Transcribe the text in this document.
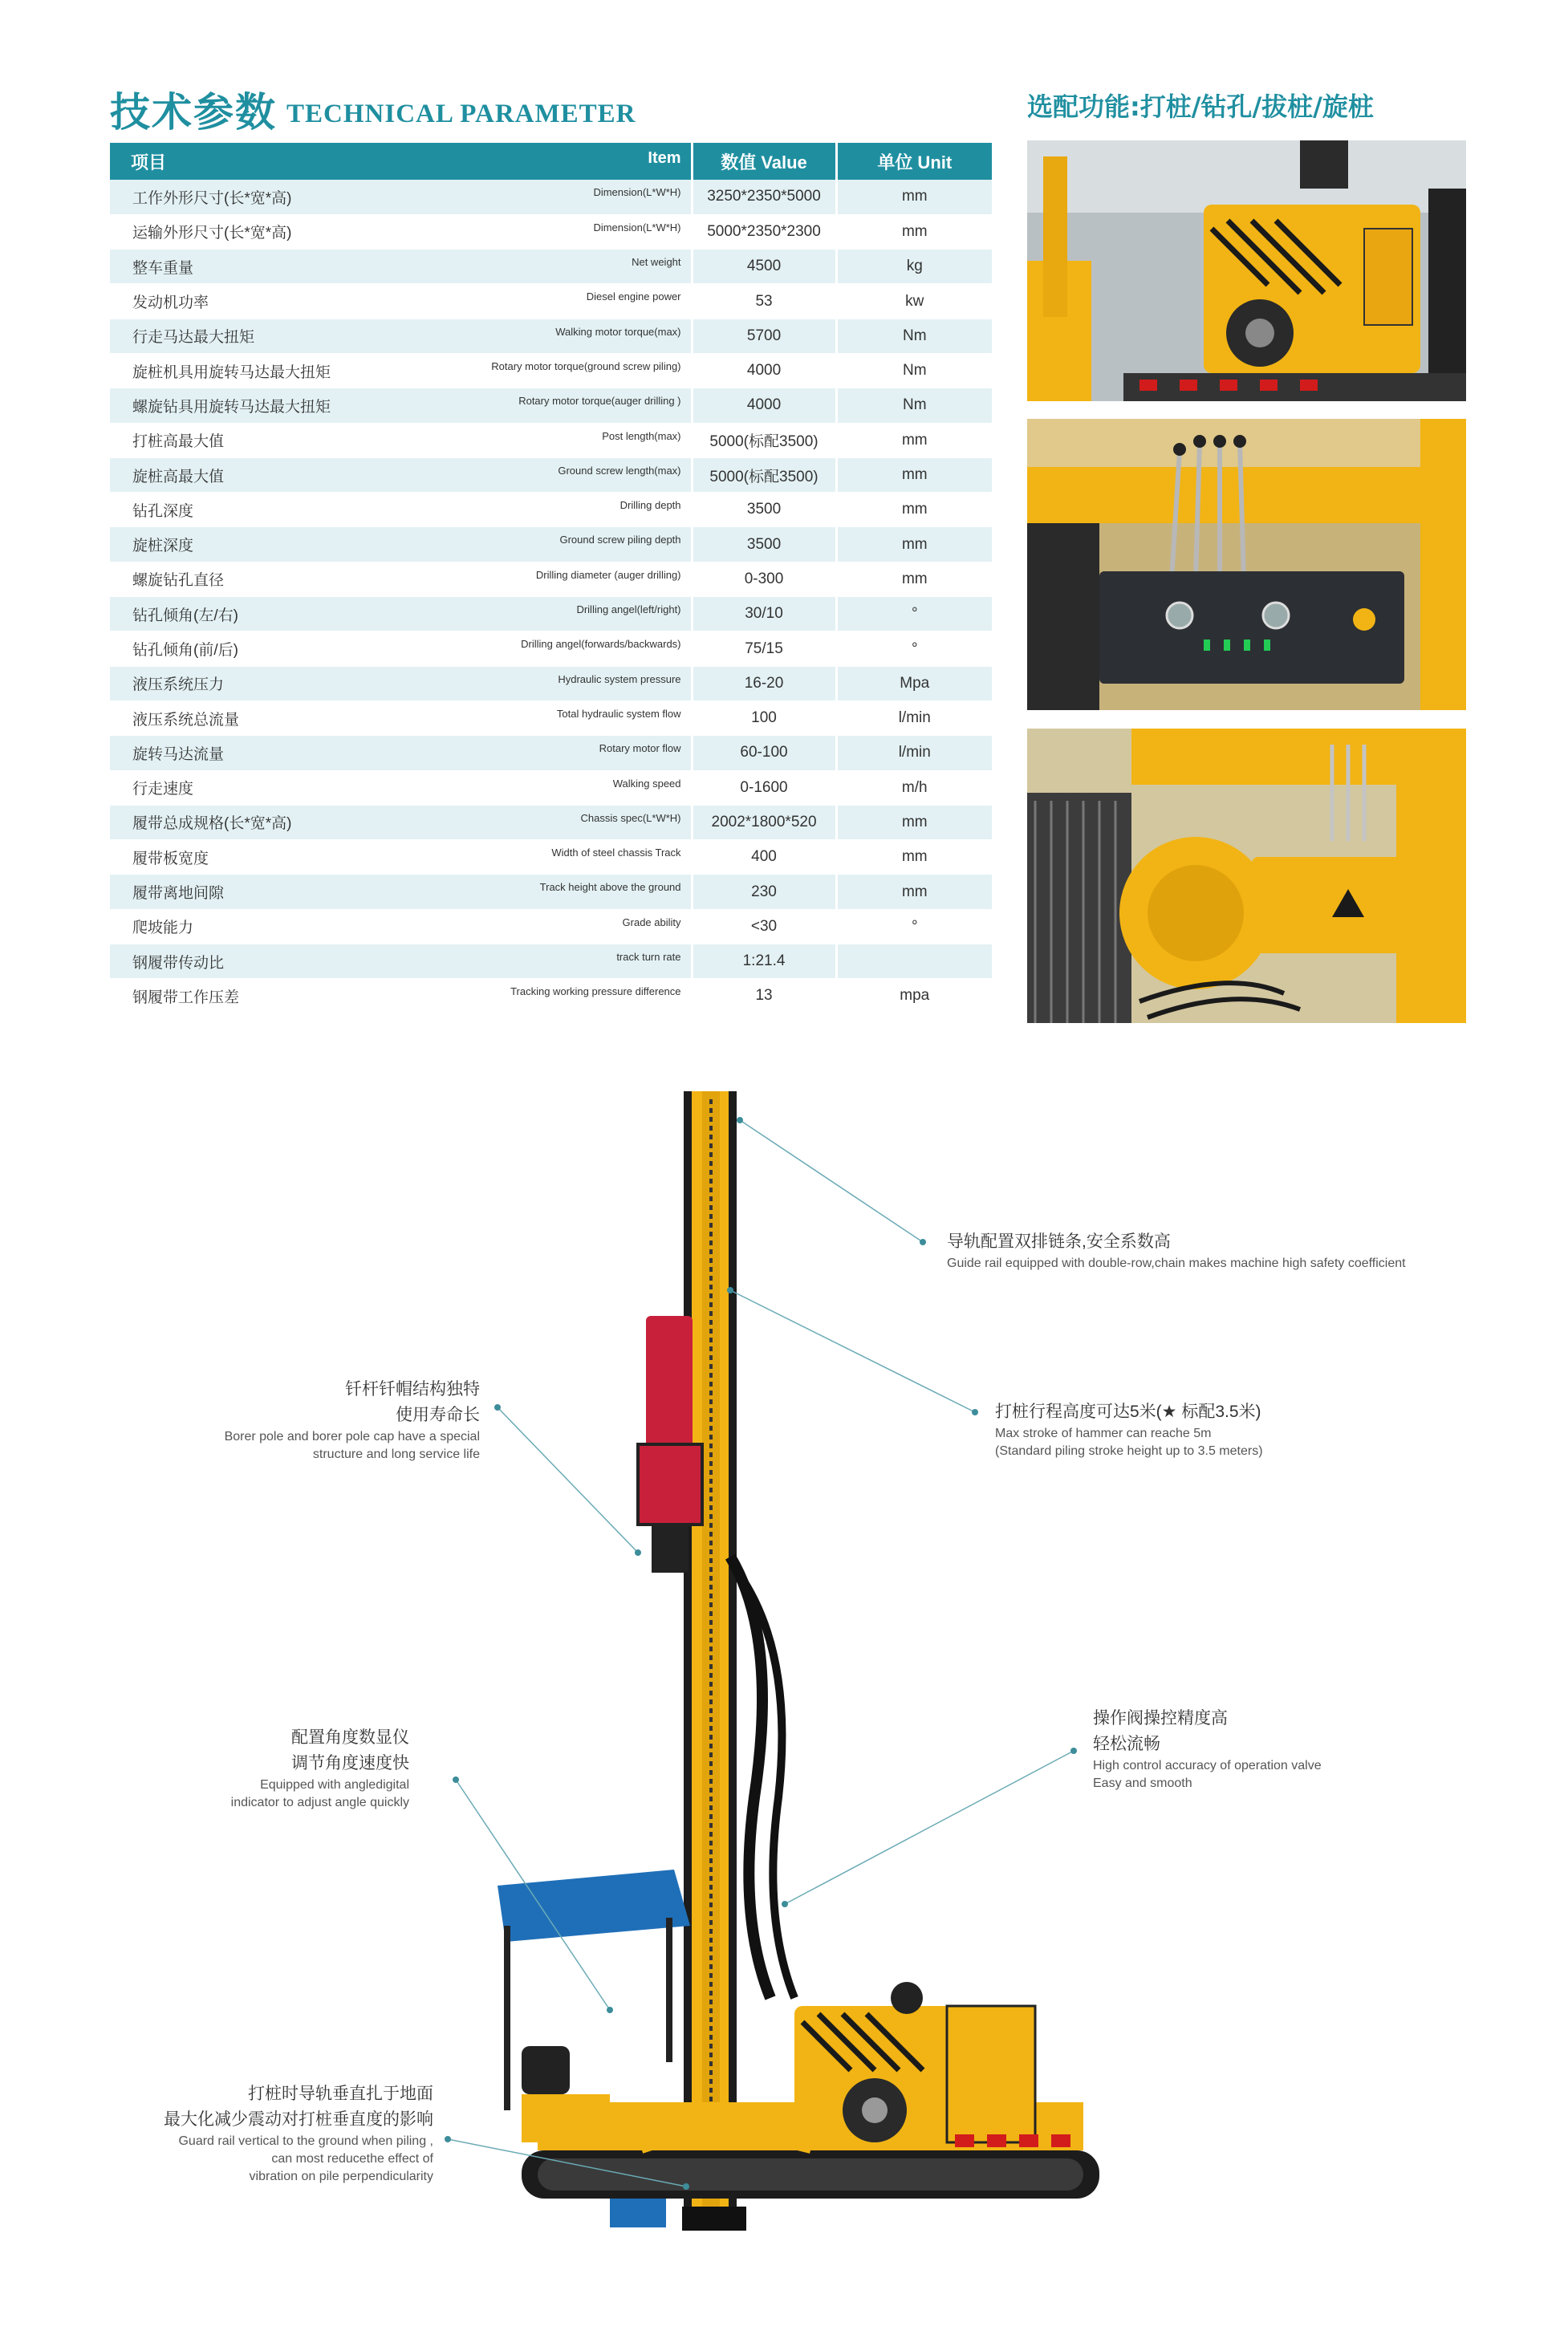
技术参数 TECHNICAL PARAMETER	选配功能:打桩/钻孔/拔桩/旋桩
项目 Item		数值 Value	单位 Unit
工作外形尺寸(长*宽*高)	Dimension(L*W*H)	3250*2350*5000	mm
运输外形尺寸(长*宽*高)	Dimension(L*W*H)	5000*2350*2300	mm
整车重量	Net weight	4500	kg
发动机功率	Diesel engine power	53	kw
行走马达最大扭矩	Walking motor torque(max)	5700	Nm
旋桩机具用旋转马达最大扭矩	Rotary motor torque(ground screw piling)	4000	Nm
螺旋钻具用旋转马达最大扭矩	Rotary motor torque(auger drilling )	4000	Nm
打桩高最大值	Post length(max)	5000(标配3500)	mm
旋桩高最大值	Ground screw length(max)	5000(标配3500)	mm
钻孔深度	Drilling depth	3500	mm
旋桩深度	Ground screw piling depth	3500	mm
螺旋钻孔直径	Drilling diameter (auger drilling)	0-300	mm
钻孔倾角(左/右)	Drilling angel(left/right)	30/10	°
钻孔倾角(前/后)	Drilling angel(forwards/backwards)	75/15	°
液压系统压力	Hydraulic system pressure	16-20	Mpa
液压系统总流量	Total hydraulic system flow	100	l/min
旋转马达流量	Rotary motor flow	60-100	l/min
行走速度	Walking speed	0-1600	m/h
履带总成规格(长*宽*高)	Chassis spec(L*W*H)	2002*1800*520	mm
履带板宽度	Width of steel chassis Track	400	mm
履带离地间隙	Track height above the ground	230	mm
爬坡能力	Grade ability	<30	°
钢履带传动比	track turn rate	1:21.4	
钢履带工作压差	Tracking working pressure difference	13	mpa
导轨配置双排链条,安全系数高
Guide rail equipped with double-row,chain makes machine high safety coefficient
钎杆钎帽结构独特
使用寿命长
Borer pole and borer pole cap have a special
structure and long service life
打桩行程高度可达5米(★ 标配3.5米)
Max stroke of hammer can reache 5m
(Standard piling stroke height up to 3.5 meters)
配置角度数显仪
调节角度速度快
Equipped with angledigital
indicator to adjust angle quickly
操作阀操控精度高
轻松流畅
High control accuracy of operation valve
Easy and smooth
打桩时导轨垂直扎于地面
最大化减少震动对打桩垂直度的影响
Guard rail vertical to the ground when piling ,
can most reducethe effect of
vibration on pile perpendicularity
